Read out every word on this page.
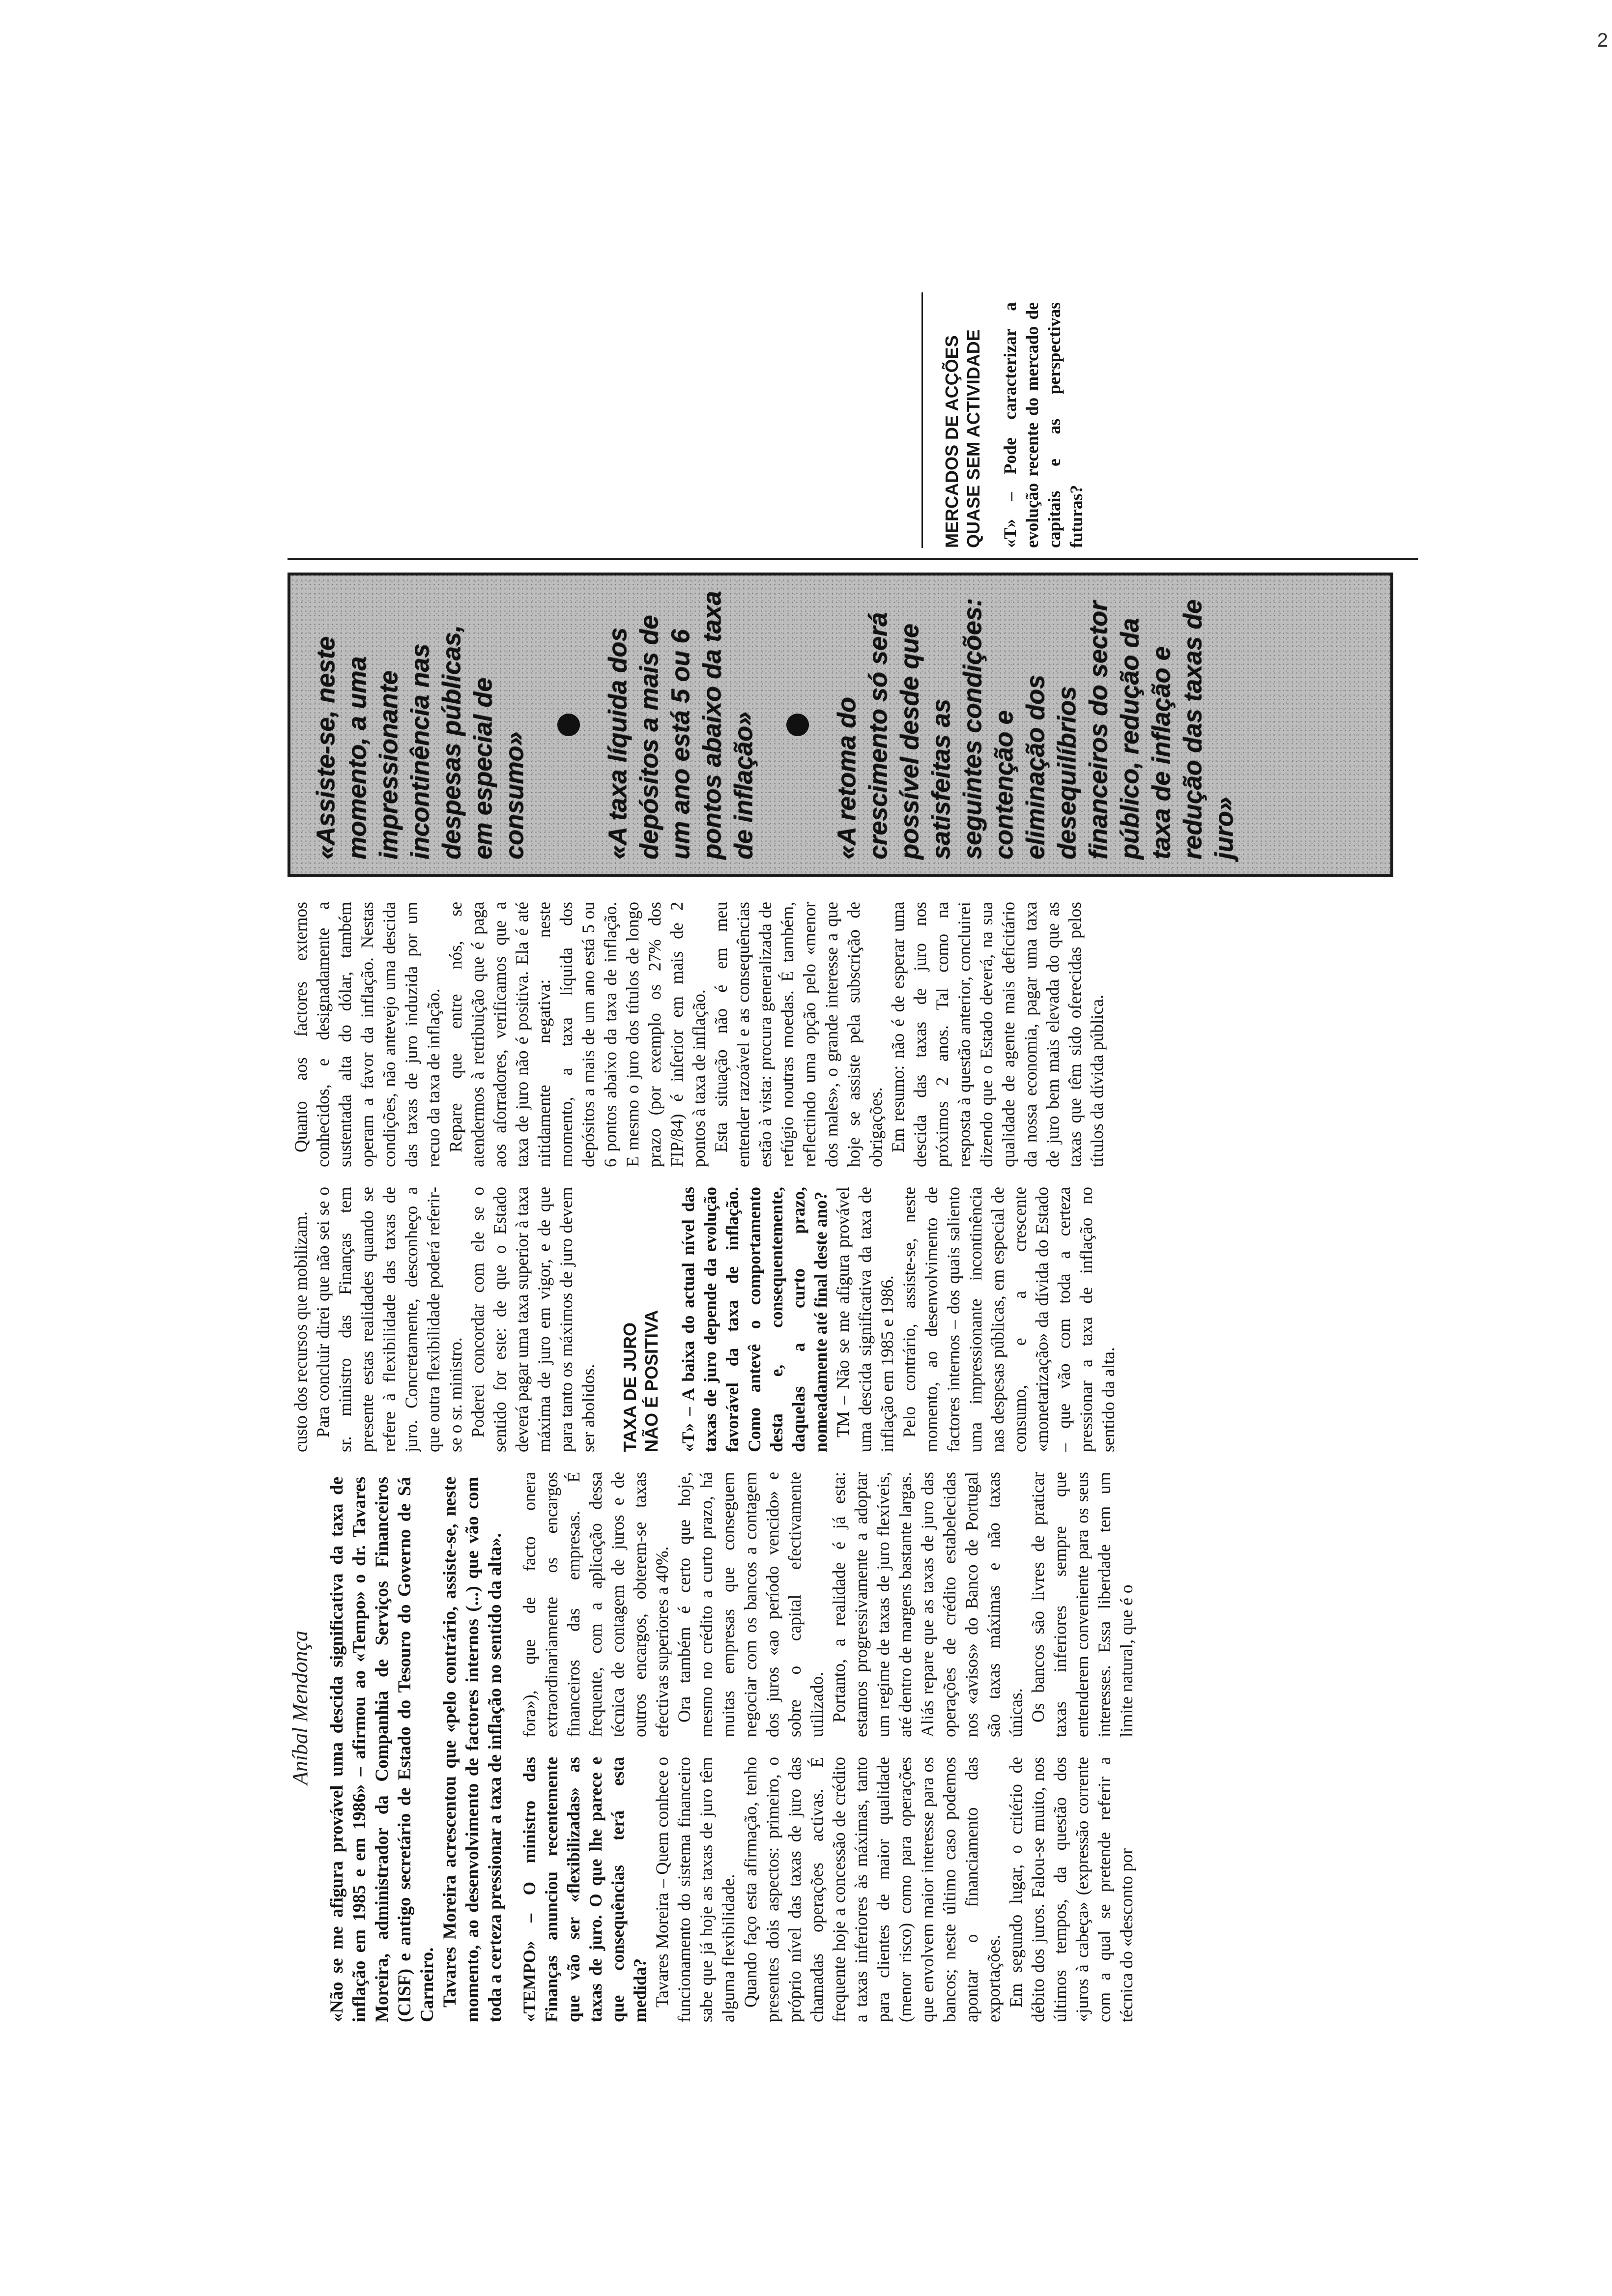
2
Aníbal Mendonça «Não se me afigura provável uma descida significativa da taxa de inflação em 1985 e em 1986» – afirmou ao «Tempo» o dr. Tavares Moreira, administrador da Companhia de Serviços Financeiros (CISF) e antigo secretário de Estado do Tesouro do Governo de Sá Carneiro. Tavares Moreira acrescentou que «pelo contrário, assiste-se, neste momento, ao desenvolvimento de factores internos (...) que vão com toda a certeza pressionar a taxa de inflação no sentido da alta». «TEMPO» – O ministro das Finanças anunciou recentemente que vão ser «flexibilizadas» as taxas de juro. O que lhe parece e que consequências terá esta medida? Tavares Moreira – Quem conhece o funcionamento do sistema financeiro sabe que já hoje as taxas de juro têm alguma flexibilidade. Quando faço esta afirmação, tenho presentes dois aspectos: primeiro, o próprio nível das taxas de juro das chamadas operações activas. É frequente hoje a concessão de crédito a taxas inferiores às máximas, tanto para clientes de maior qualidade (menor risco) como para operações que envolvem maior interesse para os bancos; neste último caso podemos apontar o financiamento das exportações. Em segundo lugar, o critério de débito dos juros. Falou-se muito, nos últimos tempos, da questão dos «juros à cabeça» (expressão corrente com a qual se pretende referir a técnica do «desconto por

fora»), que de facto onera extraordinariamente os encargos financeiros das empresas. É frequente, com a aplicação dessa técnica de contagem de juros e de outros encargos, obterem-se taxas efectivas superiores a 40%. Ora também é certo que hoje, mesmo no crédito a curto prazo, há muitas empresas que conseguem negociar com os bancos a contagem dos juros «ao período vencido» e sobre o capital efectivamente utilizado. Portanto, a realidade é já esta: estamos progressivamente a adoptar um regime de taxas de juro flexíveis, até dentro de margens bastante largas. Aliás repare que as taxas de juro das operações de crédito estabelecidas nos «avisos» do Banco de Portugal são taxas máximas e não taxas únicas. Os bancos são livres de praticar taxas inferiores sempre que entenderem conveniente para os seus interesses. Essa liberdade tem um limite natural, que é o

custo dos recursos que mobilizam. Para concluir direi que não sei se o sr. ministro das Finanças tem presente estas realidades quando se refere à flexibilidade das taxas de juro. Concretamente, desconheço a que outra flexibilidade poderá referir-se o sr. ministro. Poderei concordar com ele se o sentido for este: de que o Estado deverá pagar uma taxa superior à taxa máxima de juro em vigor, e de que para tanto os máximos de juro devem ser abolidos. TAXA DE JURO NÃO É POSITIVA «T» – A baixa do actual nível das taxas de juro depende da evolução favorável da taxa de inflação. Como antevê o comportamento desta e, consequentemente, daquelas a curto prazo, nomeadamente até final deste ano? TM – Não se me afigura provável uma descida significativa da taxa de inflação em 1985 e 1986. Pelo contrário, assiste-se, neste momento, ao desenvolvimento de factores internos – dos quais saliento uma impressionante incontinência nas despesas públicas, em especial de consumo, e a crescente «monetarização» da dívida do Estado – que vão com toda a certeza pressionar a taxa de inflação no sentido da alta.

Quanto aos factores externos conhecidos, e designadamente a sustentada alta do dólar, também operam a favor da inflação. Nestas condições, não antevejo uma descida das taxas de juro induzida por um recuo da taxa de inflação. Repare que entre nós, se atendermos à retribuição que é paga aos aforradores, verificamos que a taxa de juro não é positiva. Ela é até nitidamente negativa: neste momento, a taxa líquida dos depósitos a mais de um ano está 5 ou 6 pontos abaixo da taxa de inflação. E mesmo o juro dos títulos de longo prazo (por exemplo os 27% dos FIP/84) é inferior em mais de 2 pontos à taxa de inflação. Esta situação não é em meu entender razoável e as consequências estão à vista: procura generalizada de refúgio noutras moedas. É também, reflectindo uma opção pelo «menor dos males», o grande interesse a que hoje se assiste pela subscrição de obrigações. Em resumo: não é de esperar uma descida das taxas de juro nos próximos 2 anos. Tal como na resposta à questão anterior, concluirei dizendo que o Estado deverá, na sua qualidade de agente mais deficitário da nossa economia, pagar uma taxa de juro bem mais elevada do que as taxas que têm sido oferecidas pelos títulos da dívida pública.

«Assiste-se, neste momento, a uma impressionante incontinência nas despesas públicas, em especial de consumo»	«A taxa líquida dos depósitos a mais de um ano está 5 ou 6 pontos abaixo da taxa de inflação»	«A retoma do crescimento só será possível desde que satisfeitas as seguintes condições: contenção e eliminação dos desequilíbrios financeiros do sector público, redução da taxa de inflação e redução das taxas de juro»

MERCADOS DE ACÇÕES QUASE SEM ACTIVIDADE «T» – Pode caracterizar a evolução recente do mercado de capitais e as perspectivas futuras?
